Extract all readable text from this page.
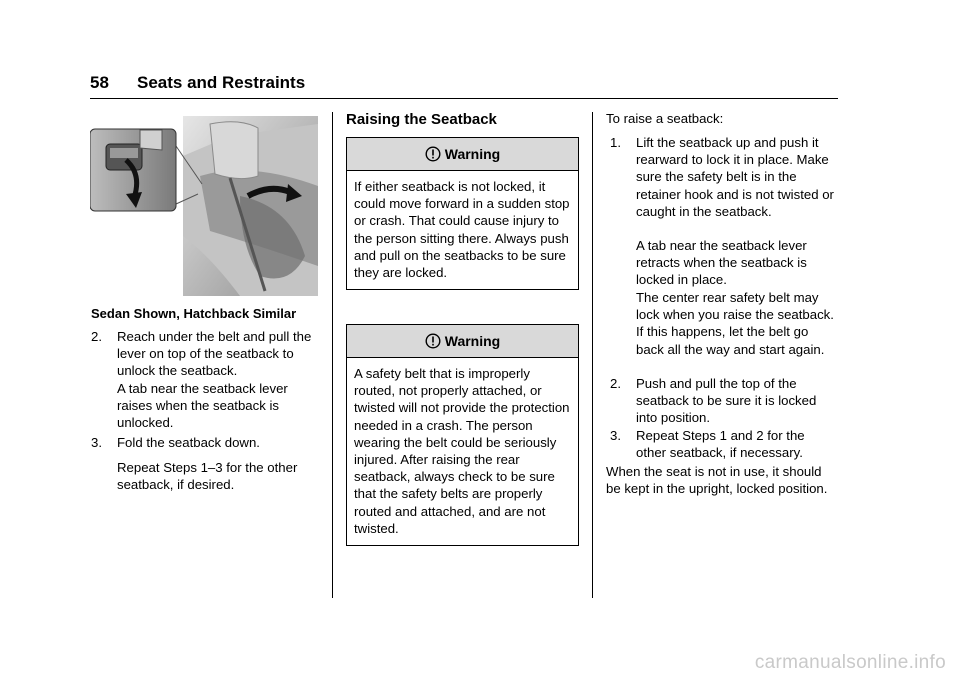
58 Seats and Restraints
Sedan Shown, Hatchback Similar
2. Reach under the belt and pull the lever on top of the seatback to unlock the seatback.
A tab near the seatback lever raises when the seatback is unlocked.
3. Fold the seatback down.
Repeat Steps 1–3 for the other seatback, if desired.
Raising the Seatback
Warning
If either seatback is not locked, it could move forward in a sudden stop or crash. That could cause injury to the person sitting there. Always push and pull on the seatbacks to be sure they are locked.
Warning
A safety belt that is improperly routed, not properly attached, or twisted will not provide the protection needed in a crash. The person wearing the belt could be seriously injured. After raising the rear seatback, always check to be sure that the safety belts are properly routed and attached, and are not twisted.
To raise a seatback:
1. Lift the seatback up and push it rearward to lock it in place. Make sure the safety belt is in the retainer hook and is not twisted or caught in the seatback.
A tab near the seatback lever retracts when the seatback is locked in place.
The center rear safety belt may lock when you raise the seatback. If this happens, let the belt go back all the way and start again.
2. Push and pull the top of the seatback to be sure it is locked into position.
3. Repeat Steps 1 and 2 for the other seatback, if necessary.
When the seat is not in use, it should be kept in the upright, locked position.
carmanualsonline.info
